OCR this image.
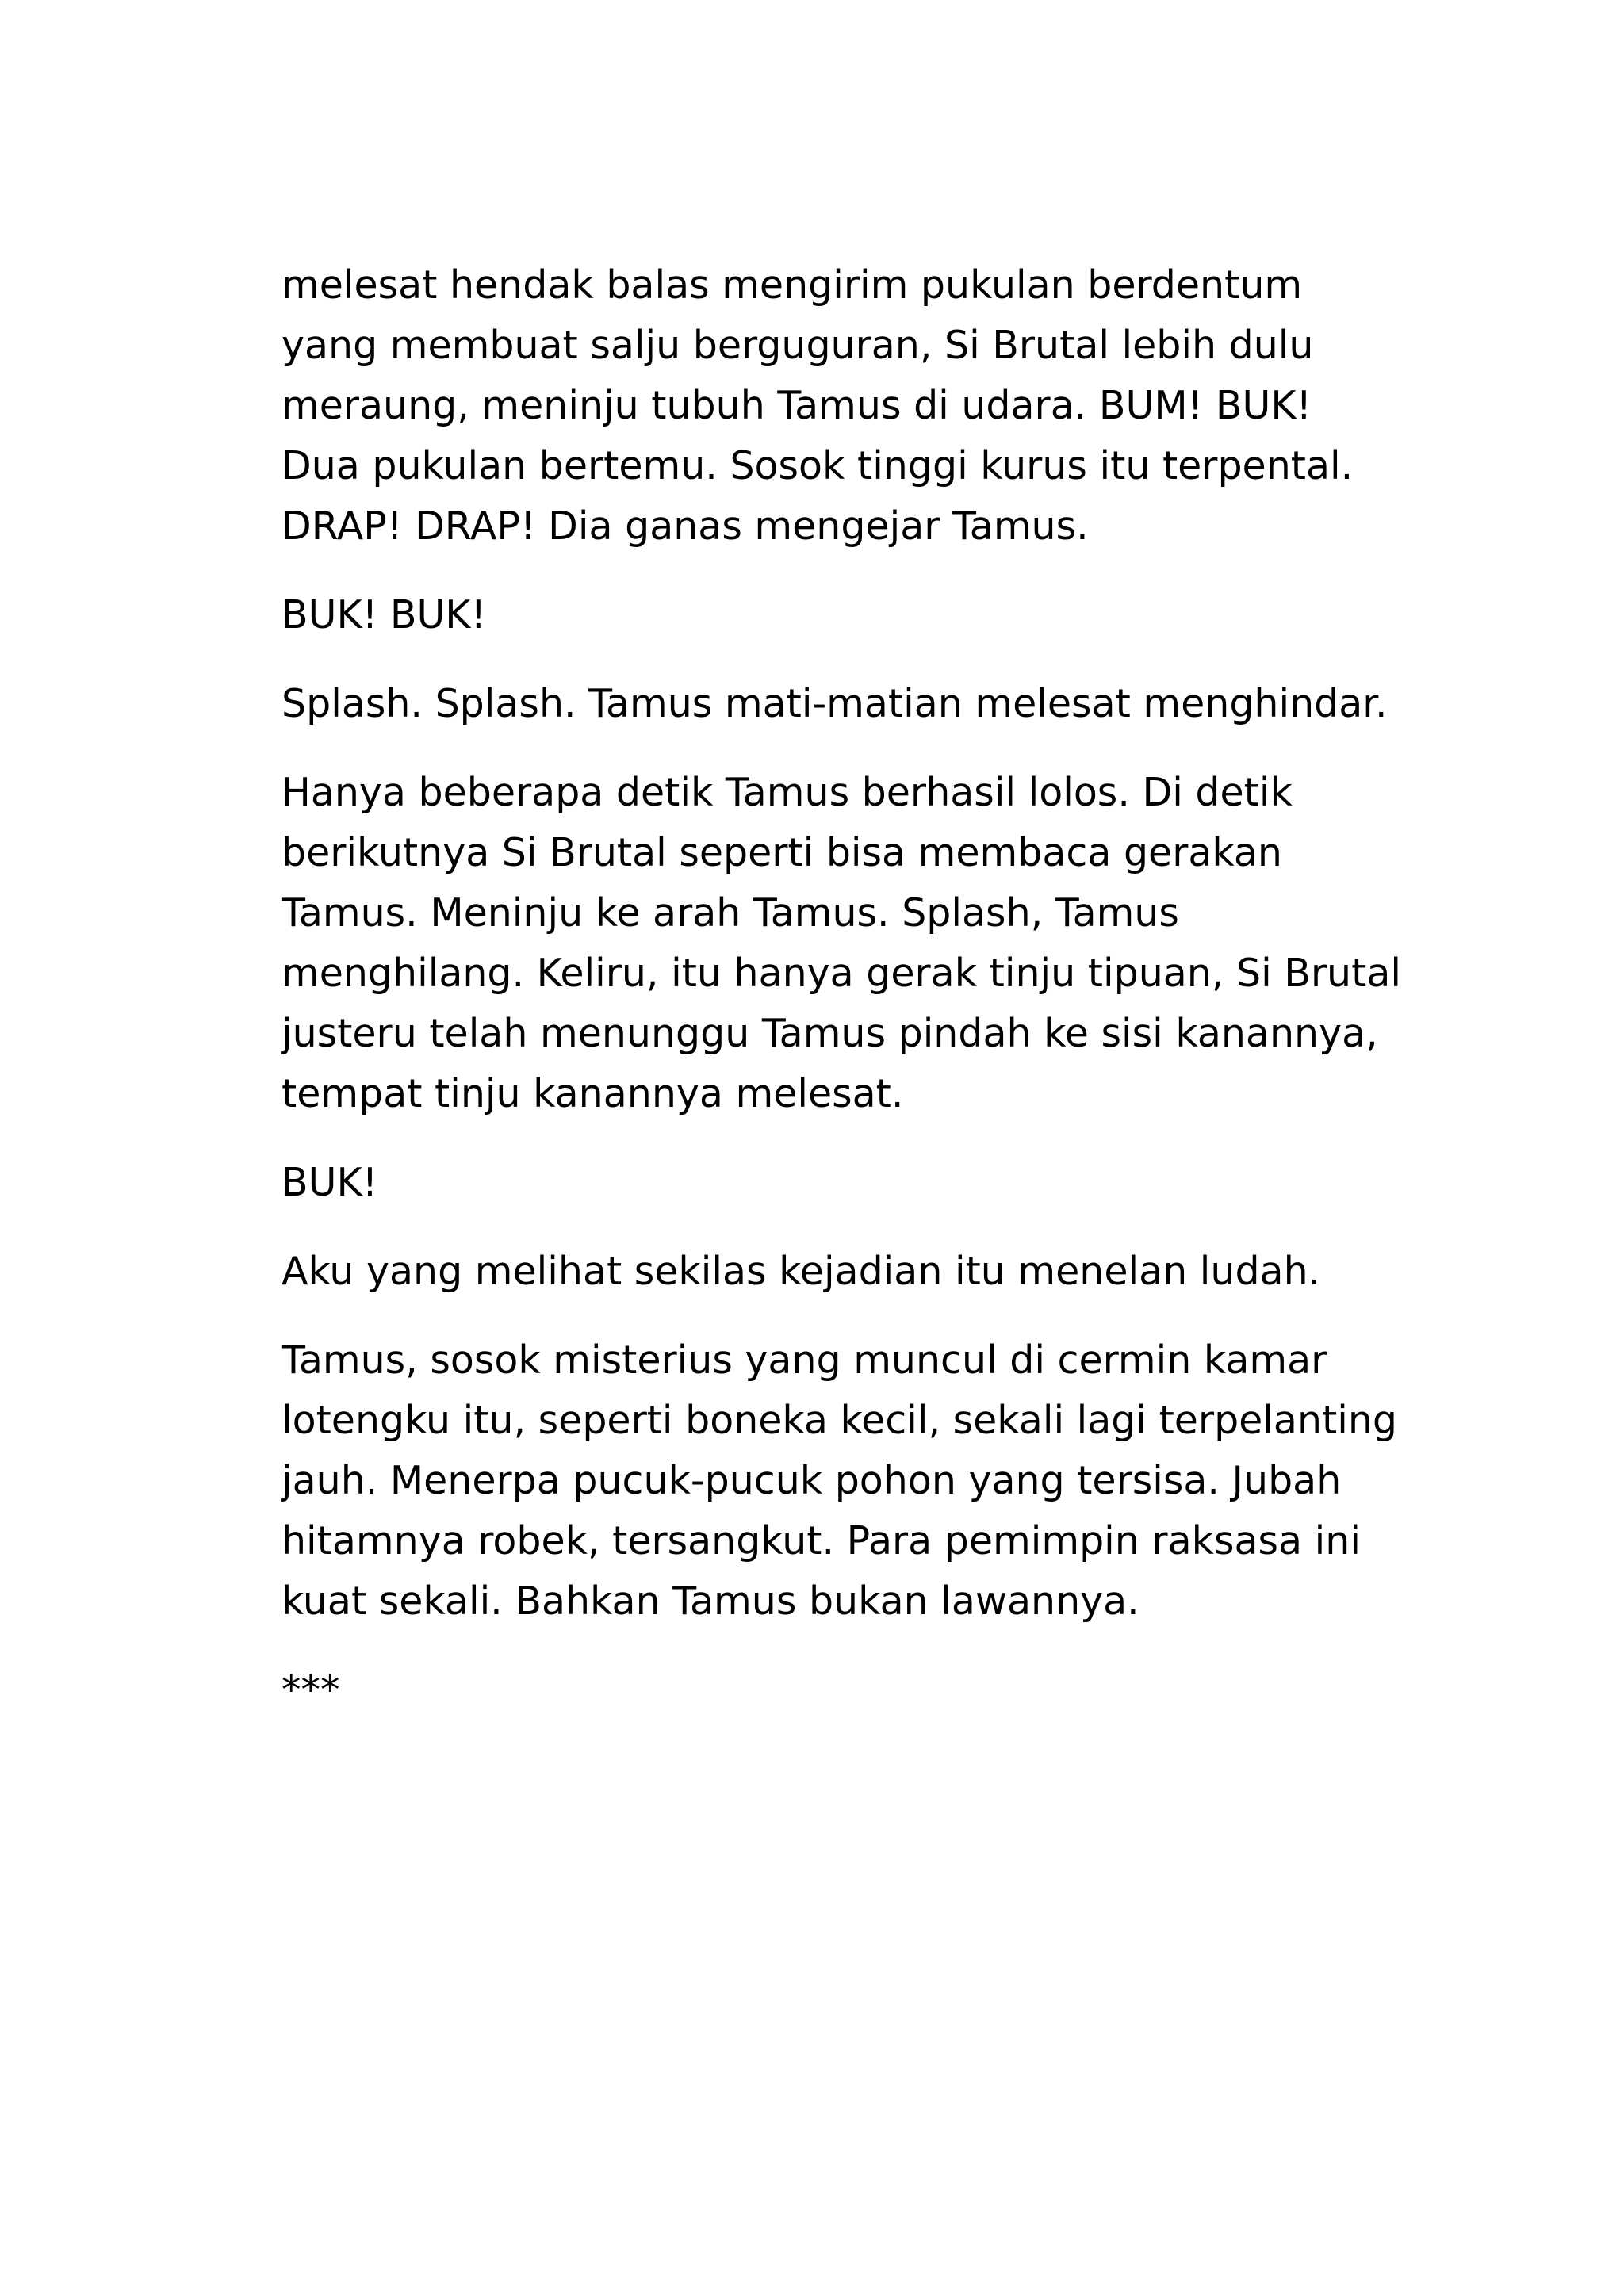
melesat hendak balas mengirim pukulan berdentum
yang membuat salju berguguran, Si Brutal lebih dulu
meraung, meninju tubuh Tamus di udara. BUM! BUK!
Dua pukulan bertemu. Sosok tinggi kurus itu terpental.
DRAP! DRAP! Dia ganas mengejar Tamus.

BUK! BUK!

Splash. Splash. Tamus mati-matian melesat menghindar.

Hanya beberapa detik Tamus berhasil lolos. Di detik
berikutnya Si Brutal seperti bisa membaca gerakan
Tamus. Meninju ke arah Tamus. Splash, Tamus
menghilang. Keliru, itu hanya gerak tinju tipuan, Si Brutal
justeru telah menunggu Tamus pindah ke sisi kanannya,
tempat tinju kanannya melesat.

BUK!

Aku yang melihat sekilas kejadian itu menelan ludah.

Tamus, sosok misterius yang muncul di cermin kamar
lotengku itu, seperti boneka kecil, sekali lagi terpelanting
jauh. Menerpa pucuk-pucuk pohon yang tersisa. Jubah
hitamnya robek, tersangkut. Para pemimpin raksasa ini
kuat sekali. Bahkan Tamus bukan lawannya.

***
